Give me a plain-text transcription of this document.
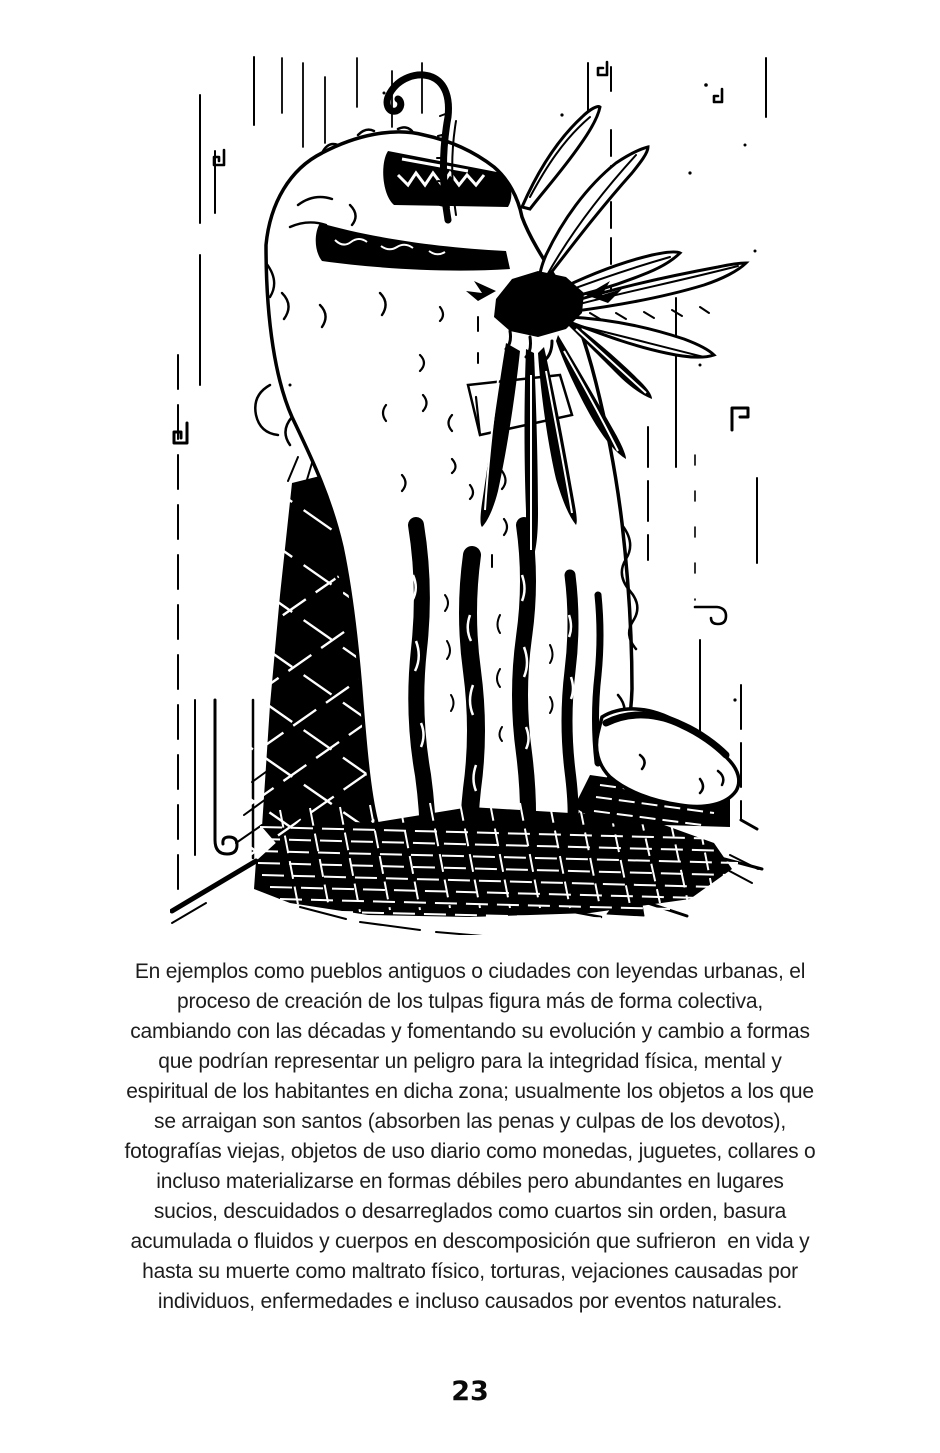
En ejemplos como pueblos antiguos o ciudades con leyendas urbanas, el
proceso de creación de los tulpas figura más de forma colectiva,
cambiando con las décadas y fomentando su evolución y cambio a formas
que podrían representar un peligro para la integridad física, mental y
espiritual de los habitantes en dicha zona; usualmente los objetos a los que
se arraigan son santos (absorben las penas y culpas de los devotos),
fotografías viejas, objetos de uso diario como monedas, juguetes, collares o
incluso materializarse en formas débiles pero abundantes en lugares
sucios, descuidados o desarreglados como cuartos sin orden, basura
acumulada o fluidos y cuerpos en descomposición que sufrieron  en vida y
hasta su muerte como maltrato físico, torturas, vejaciones causadas por
individuos, enfermedades e incluso causados por eventos naturales.
23
